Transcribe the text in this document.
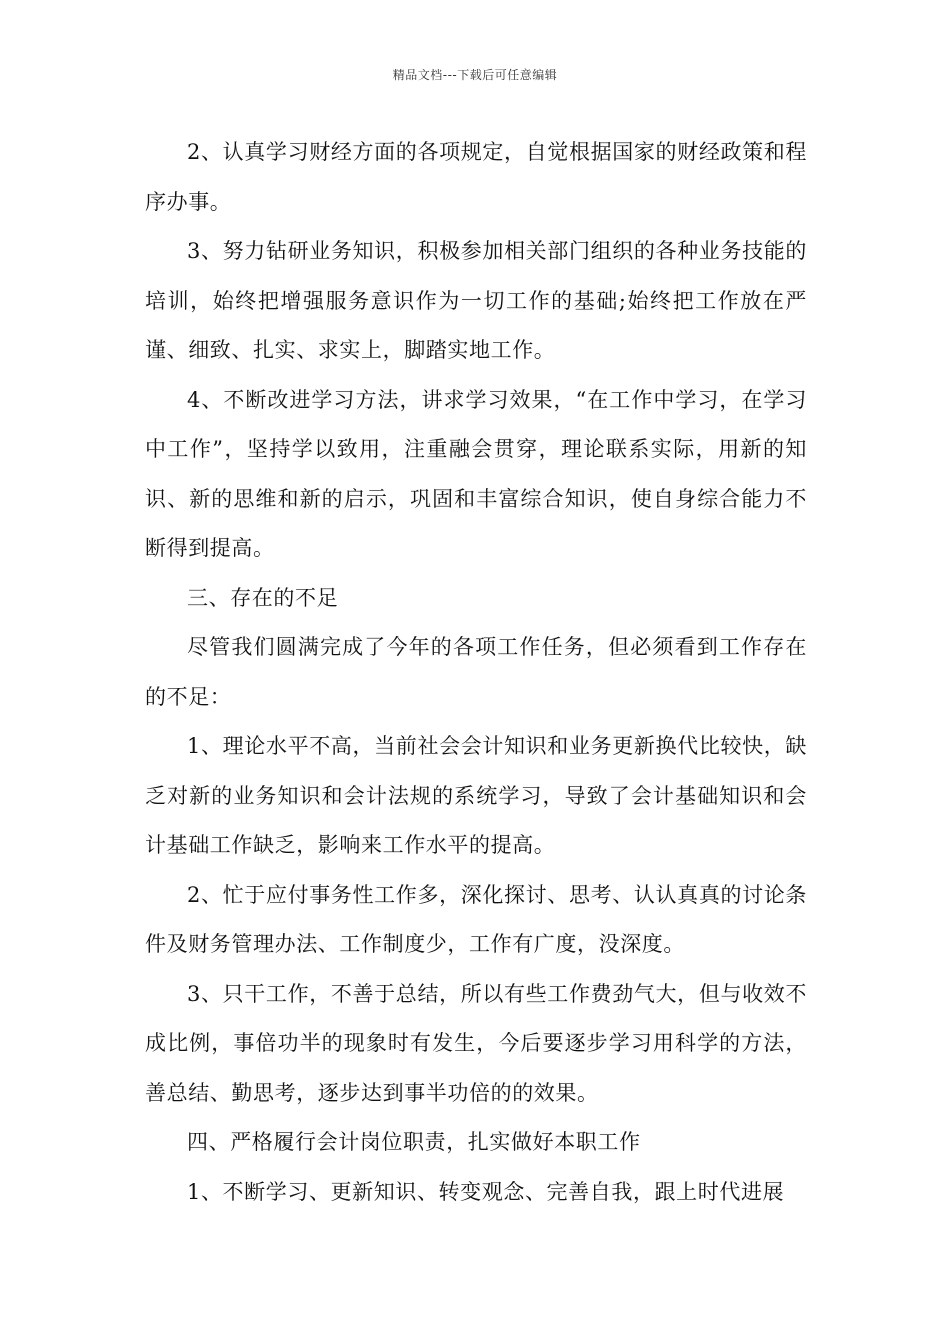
精品文档---下载后可任意编辑

2、认真学习财经方面的各项规定，自觉根据国家的财经政策和程序办事。

3、努力钻研业务知识，积极参加相关部门组织的各种业务技能的培训，始终把增强服务意识作为一切工作的基础;始终把工作放在严谨、细致、扎实、求实上，脚踏实地工作。

4、不断改进学习方法，讲求学习效果，“在工作中学习，在学习中工作”，坚持学以致用，注重融会贯穿，理论联系实际，用新的知识、新的思维和新的启示，巩固和丰富综合知识，使自身综合能力不断得到提高。

三、存在的不足

尽管我们圆满完成了今年的各项工作任务，但必须看到工作存在的不足：

1、理论水平不高，当前社会会计知识和业务更新换代比较快，缺乏对新的业务知识和会计法规的系统学习，导致了会计基础知识和会计基础工作缺乏，影响来工作水平的提高。

2、忙于应付事务性工作多，深化探讨、思考、认认真真的讨论条件及财务管理办法、工作制度少，工作有广度，没深度。

3、只干工作，不善于总结，所以有些工作费劲气大，但与收效不成比例，事倍功半的现象时有发生，今后要逐步学习用科学的方法，善总结、勤思考，逐步达到事半功倍的的效果。

四、严格履行会计岗位职责，扎实做好本职工作

1、不断学习、更新知识、转变观念、完善自我，跟上时代进展
